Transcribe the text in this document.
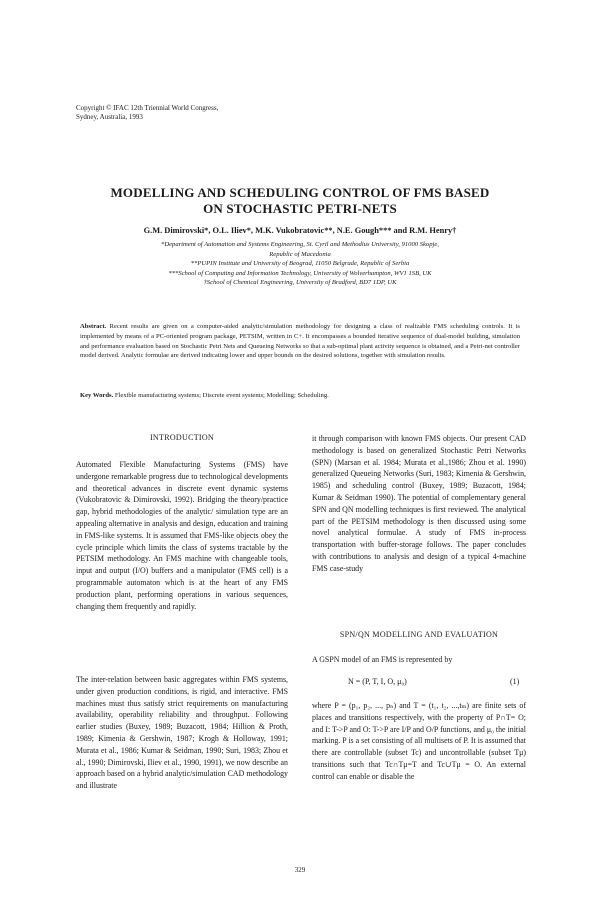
Copyright © IFAC 12th Triennial World Congress,
Sydney, Australia, 1993
MODELLING AND SCHEDULING CONTROL OF FMS BASED
ON STOCHASTIC PETRI-NETS
G.M. Dimirovski*, O.L. Iliev*, M.K. Vukobratovic**, N.E. Gough*** and R.M. Henry†
*Department of Automation and Systems Engineering, St. Cyril and Methodius University, 91000 Skopje,
Republic of Macedonia
**PUPIN Institute and University of Beograd, 11050 Belgrade, Republic of Serbia
***School of Computing and Information Technology, University of Wolverhampton, WV1 1SB, UK
†School of Chemical Engineering, University of Bradford, BD7 1DP, UK
Abstract. Recent results are given on a computer-aided analytic/simulation methodology for designing a class of realizable FMS scheduling controls. It is implemented by means of a PC-oriented program package, PETSIM, written in C+. It encompasses a bounded iterative sequence of dual-model building, simulation and performance evaluation based on Stochastic Petri Nets and Queueing Networks so that a sub-optimal plant activity sequence is obtained, and a Petri-net controller model derived. Analytic formulae are derived indicating lower and upper bounds on the desired solutions, together with simulation results.
Key Words. Flexible manufacturing systems; Discrete event systems; Modelling; Scheduling.
INTRODUCTION
Automated Flexible Manufacturing Systems (FMS) have undergone remarkable progress due to technological developments and theoretical advances in discrete event dynamic systems (Vukobratovic & Dimirovski, 1992). Bridging the theory/practice gap, hybrid methodologies of the analytic/ simulation type are an appealing alternative in analysis and design, education and training in FMS-like systems. It is assumed that FMS-like objects obey the cycle principle which limits the class of systems tractable by the PETSIM methodology. An FMS machine with changeable tools, input and output (I/O) buffers and a manipulator (FMS cell) is a programmable automaton which is at the heart of any FMS production plant, performing operations in various sequences, changing them frequently and rapidly.
The inter-relation between basic aggregates within FMS systems, under given production conditions, is rigid, and interactive. FMS machines must thus satisfy strict requirements on manufacturing availability, operability reliability and throughput. Following earlier studies (Buxey, 1989; Buzacott, 1984; Hillion & Proth, 1989; Kimenia & Gershwin, 1987; Krogh & Holloway, 1991; Murata et al., 1986; Kumar & Seidman, 1990; Suri, 1983; Zhou et al., 1990; Dimirovski, Iliev et al., 1990, 1991), we now describe an approach based on a hybrid analytic/simulation CAD methodology and illustrate
it through comparison with known FMS objects. Our present CAD methodology is based on generalized Stochastic Petri Networks (SPN) (Marsan et al. 1984; Murata et al.,1986; Zhou et al. 1990) generalized Queueing Networks (Suri, 1983; Kimenia & Gershwin, 1985) and scheduling control (Buxey, 1989; Buzacott, 1984; Kumar & Seidman 1990). The potential of complementary general SPN and QN modelling techniques is first reviewed. The analytical part of the PETSIM methodology is then discussed using some novel analytical formulae. A study of FMS in-process transportation with buffer-storage follows. The paper concludes with contributions to analysis and design of a typical 4-machine FMS case-study
SPN/QN MODELLING AND EVALUATION
A GSPN model of an FMS is represented by
N = (P, T, I, O, μ₀)	(1)
where P = (p₁, p₂, ..., pₙ) and T = (t₁, t₂, ...,tₘ) are finite sets of places and transitions respectively, with the property of P∩T= O; and I: T->P and O: T->P are I/P and O/P functions, and μ₀ the initial marking. P is a set consisting of all multisets of P. It is assumed that there are controllable (subset Tc) and uncontrollable (subset Tμ) transitions such that Tc∩Tμ=T and Tc∪Tμ = O. An external control can enable or disable the
329
